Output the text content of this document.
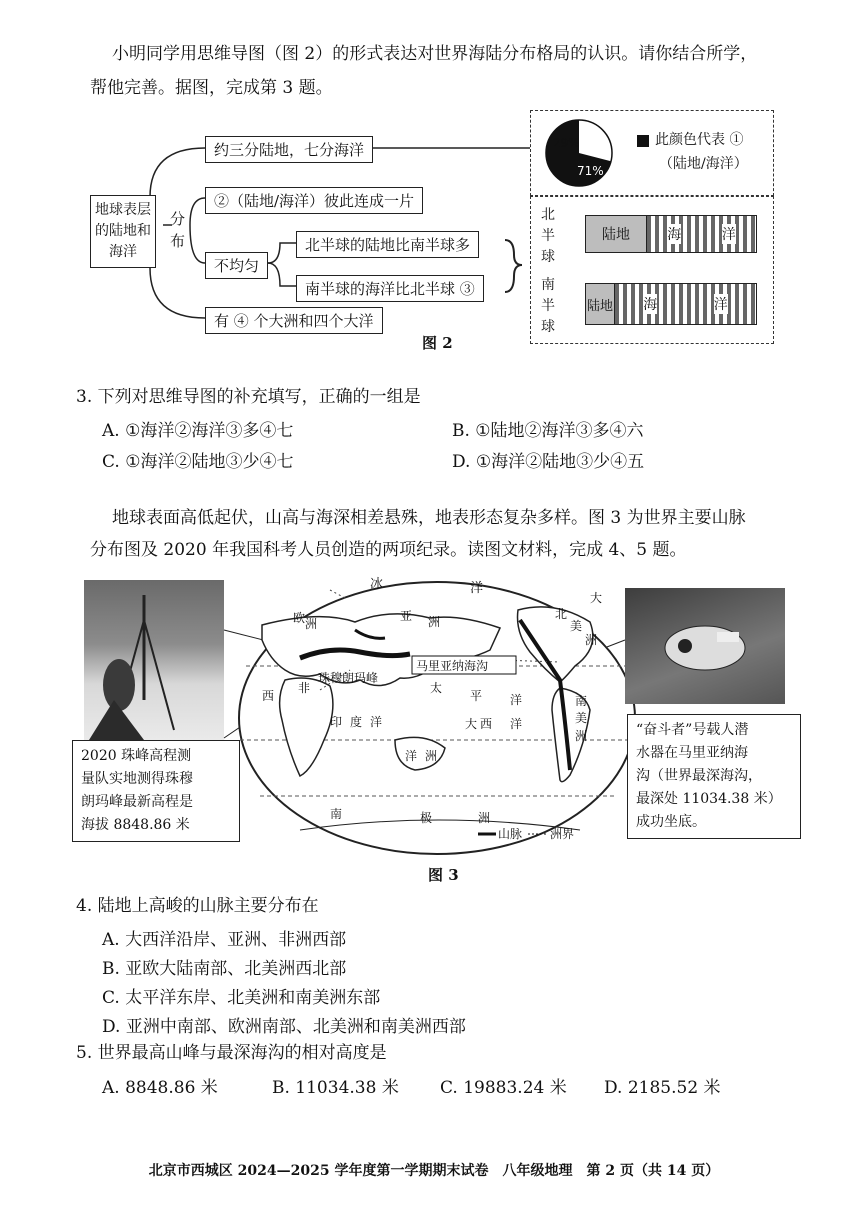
小明同学用思维导图（图 2）的形式表达对世界海陆分布格局的认识。请你结合所学，
帮他完善。据图，完成第 3 题。
地球表层
的陆地和
海洋
分
布
约三分陆地，七分海洋
②（陆地/海洋）彼此连成一片
不均匀
北半球的陆地比南半球多
南半球的海洋比北半球 ③
有 ④ 个大洲和四个大洋
29%
71%
此颜色代表 ①
（陆地/海洋）
北
半
球
南
半
球
陆地	海	洋
陆地 海	洋
图 2
3. 下列对思维导图的补充填写，正确的一组是
A. ①海洋②海洋③多④七	B. ①陆地②海洋③多④六
C. ①海洋②陆地③少④七	D. ①海洋②陆地③少④五
地球表面高低起伏，山高与海深相差悬殊，地表形态复杂多样。图 3 为世界主要山脉
分布图及 2020 年我国科考人员创造的两项纪录。读图文材料，完成 4、5 题。
2020 珠峰高程测
量队实地测得珠穆
朗玛峰最新高程是
海拔 8848.86 米
冰	洋
欧 洲
亚 洲
北
美
洲
大
西
非
印 度 洋
太
平 洋	南
美
洲
大 西 洋
洋 洲
南	极	洲
马里亚纳海沟
珠穆朗玛峰
山脉 洲界
“奋斗者”号载人潜
水器在马里亚纳海
沟（世界最深海沟，
最深处 11034.38 米）
成功坐底。
图 3
4. 陆地上高峻的山脉主要分布在
A. 大西洋沿岸、亚洲、非洲西部
B. 亚欧大陆南部、北美洲西北部
C. 太平洋东岸、北美洲和南美洲东部
D. 亚洲中南部、欧洲南部、北美洲和南美洲西部
5. 世界最高山峰与最深海沟的相对高度是
A. 8848.86 米	B. 11034.38 米 C. 19883.24 米 D. 2185.52 米
北京市西城区 2024—2025 学年度第一学期期末试卷　八年级地理　第 2 页（共 14 页）
